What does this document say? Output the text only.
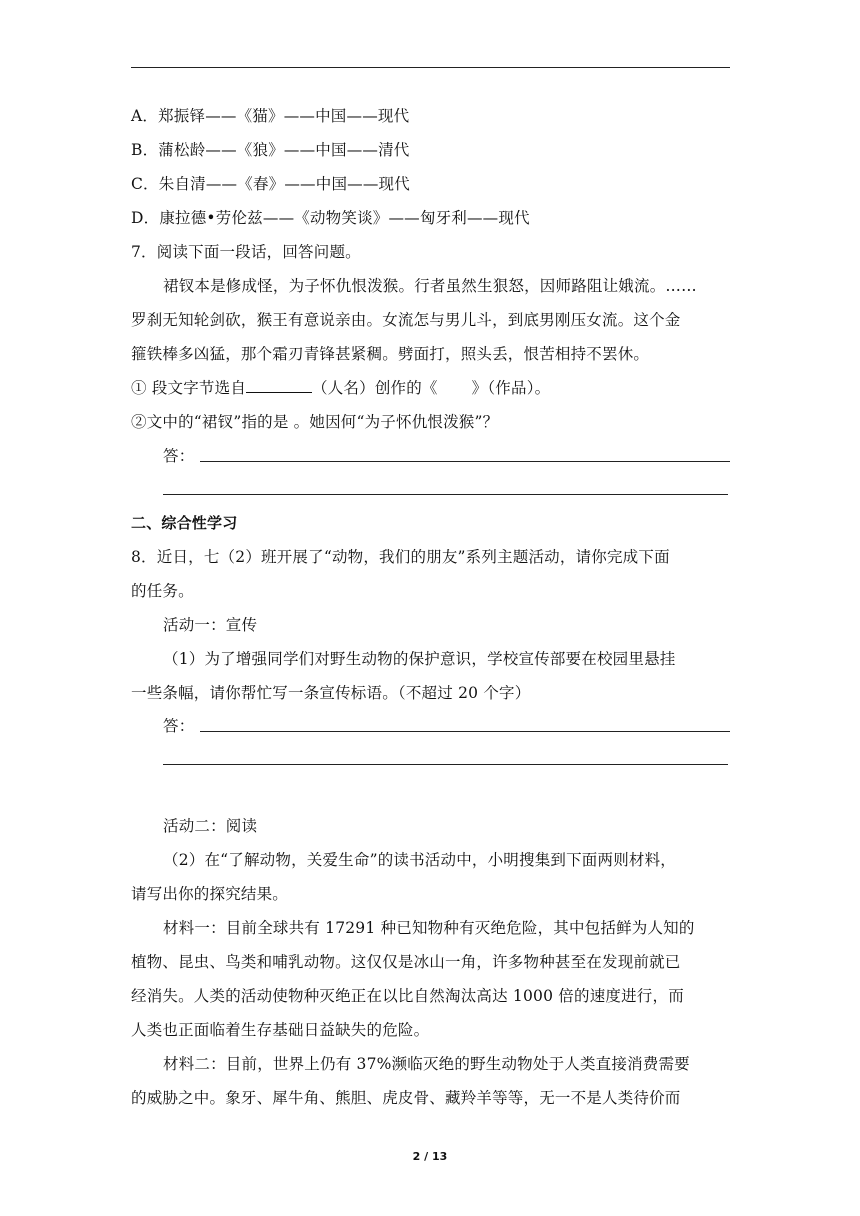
A．郑振铎——《猫》——中国——现代
B．蒲松龄——《狼》——中国——清代
C．朱自清——《春》——中国——现代
D．康拉德•劳伦兹——《动物笑谈》——匈牙利——现代
7．阅读下面一段话，回答问题。
裙钗本是修成怪，为子怀仇恨泼猴。行者虽然生狠怒，因师路阻让娥流。……
罗刹无知轮剑砍，猴王有意说亲由。女流怎与男儿斗，到底男刚压女流。这个金
箍铁棒多凶猛，那个霜刃青锋甚紧稠。劈面打，照头丢，恨苦相持不罢休。
① 段文字节选自	（人名）创作的《 》（作品）。
②文中的“裙钗”指的是 。她因何“为子怀仇恨泼猴”？
答：
二、综合性学习
8．近日，七（2）班开展了“动物，我们的朋友”系列主题活动，请你完成下面
的任务。
活动一：宣传
（1）为了增强同学们对野生动物的保护意识，学校宣传部要在校园里悬挂
一些条幅，请你帮忙写一条宣传标语。（不超过 20 个字）
答：
活动二：阅读
（2）在“了解动物，关爱生命”的读书活动中，小明搜集到下面两则材料，
请写出你的探究结果。
材料一：目前全球共有 17291 种已知物种有灭绝危险，其中包括鲜为人知的
植物、昆虫、鸟类和哺乳动物。这仅仅是冰山一角，许多物种甚至在发现前就已
经消失。人类的活动使物种灭绝正在以比自然淘汰高达 1000 倍的速度进行，而
人类也正面临着生存基础日益缺失的危险。
材料二：目前，世界上仍有 37%濒临灭绝的野生动物处于人类直接消费需要
的威胁之中。象牙、犀牛角、熊胆、虎皮骨、藏羚羊等等，无一不是人类待价而
2 / 13
